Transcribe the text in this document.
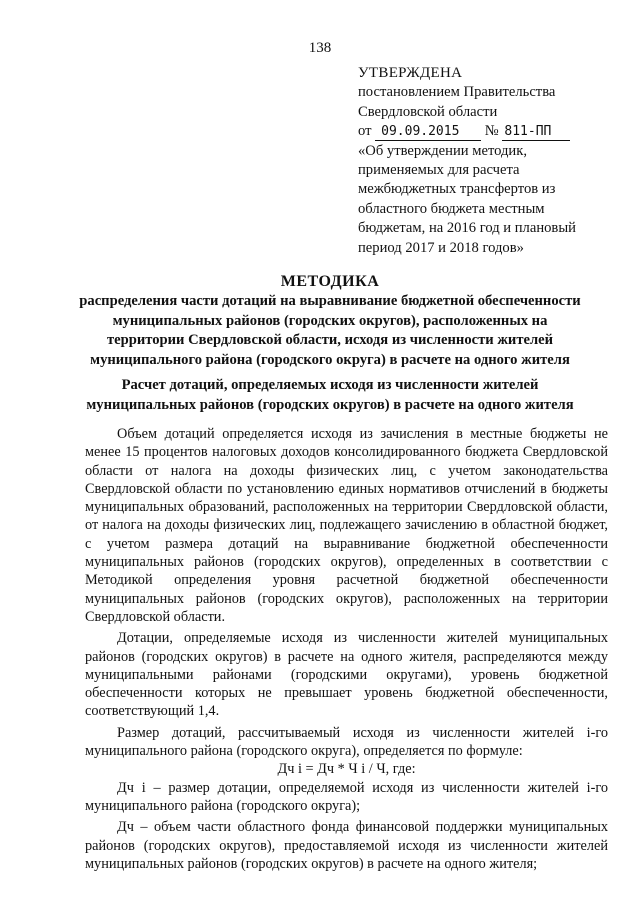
138
УТВЕРЖДЕНА
постановлением Правительства
Свердловской области
от 09.09.2015 № 811-ПП
«Об утверждении методик,
применяемых для расчета
межбюджетных трансфертов из
областного бюджета местным
бюджетам, на 2016 год и плановый
период 2017 и 2018 годов»
МЕТОДИКА
распределения части дотаций на выравнивание бюджетной обеспеченности
муниципальных районов (городских округов), расположенных на
территории Свердловской области, исходя из численности жителей
муниципального района (городского округа) в расчете на одного жителя
Расчет дотаций, определяемых исходя из численности жителей
муниципальных районов (городских округов) в расчете на одного жителя

Объем дотаций определяется исходя из зачисления в местные бюджеты не менее 15 процентов налоговых доходов консолидированного бюджета Свердловской области от налога на доходы физических лиц, с учетом законодательства Свердловской области по установлению единых нормативов отчислений в бюджеты муниципальных образований, расположенных на территории Свердловской области, от налога на доходы физических лиц, подлежащего зачислению в областной бюджет, с учетом размера дотаций на выравнивание бюджетной обеспеченности муниципальных районов (городских округов), определенных в соответствии с Методикой определения уровня расчетной бюджетной обеспеченности муниципальных районов (городских округов), расположенных на территории Свердловской области.

Дотации, определяемые исходя из численности жителей муниципальных районов (городских округов) в расчете на одного жителя, распределяются между муниципальными районами (городскими округами), уровень бюджетной обеспеченности которых не превышает уровень бюджетной обеспеченности, соответствующий 1,4.

Размер дотаций, рассчитываемый исходя из численности жителей i-го муниципального района (городского округа), определяется по формуле:

Дч i = Дч * Ч i / Ч, где:

Дч i – размер дотации, определяемой исходя из численности жителей i-го муниципального района (городского округа);

Дч – объем части областного фонда финансовой поддержки муниципальных районов (городских округов), предоставляемой исходя из численности жителей муниципальных районов (городских округов) в расчете на одного жителя;
